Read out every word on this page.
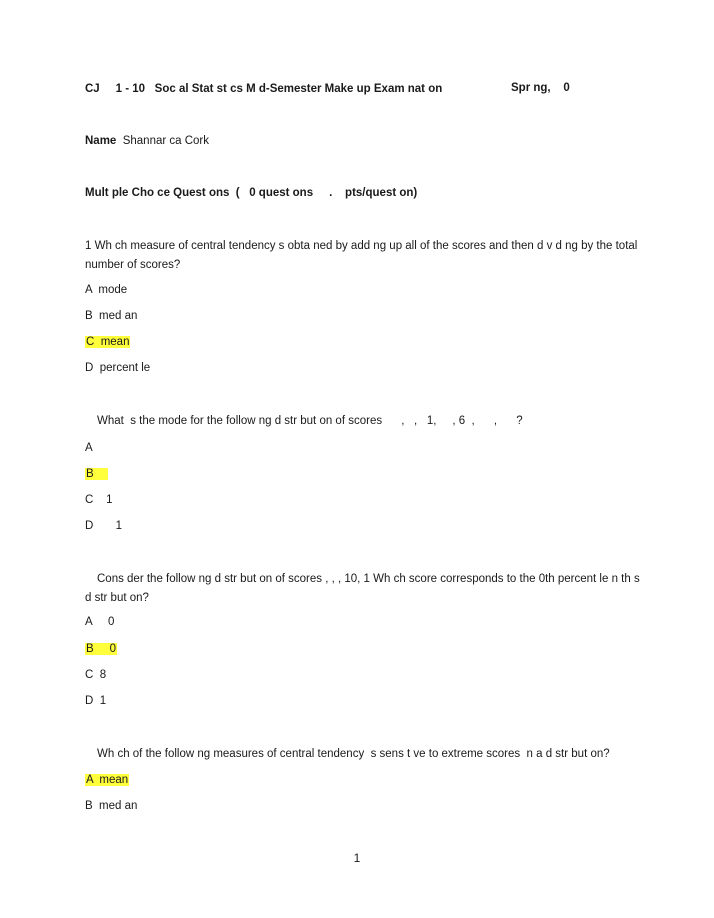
CJ     1 - 10   Soc al Stat st cs M d-Semester Make up Exam nat on	Spr ng,    0
Name Shannar ca Cork
Mult ple Cho ce Quest ons  (   0 quest ons     .    pts/quest on)
1 Wh ch measure of central tendency s obta ned by add ng up all of the scores and then d v d ng by the total number of scores?
A  mode
B  med an
C  mean
D  percent le
What  s the mode for the follow ng d str but on of scores      ,   ,   1,     , 6  ,      ,      ?
A
B
C    1
D       1
Cons der the follow ng d str but on of scores , , , 10, 1 Wh ch score corresponds to the 0th percent le n th s d str but on?
A     0
B     0
C  8
D  1
Wh ch of the follow ng measures of central tendency  s sens t ve to extreme scores  n a d str but on?
A  mean
B  med an
1
